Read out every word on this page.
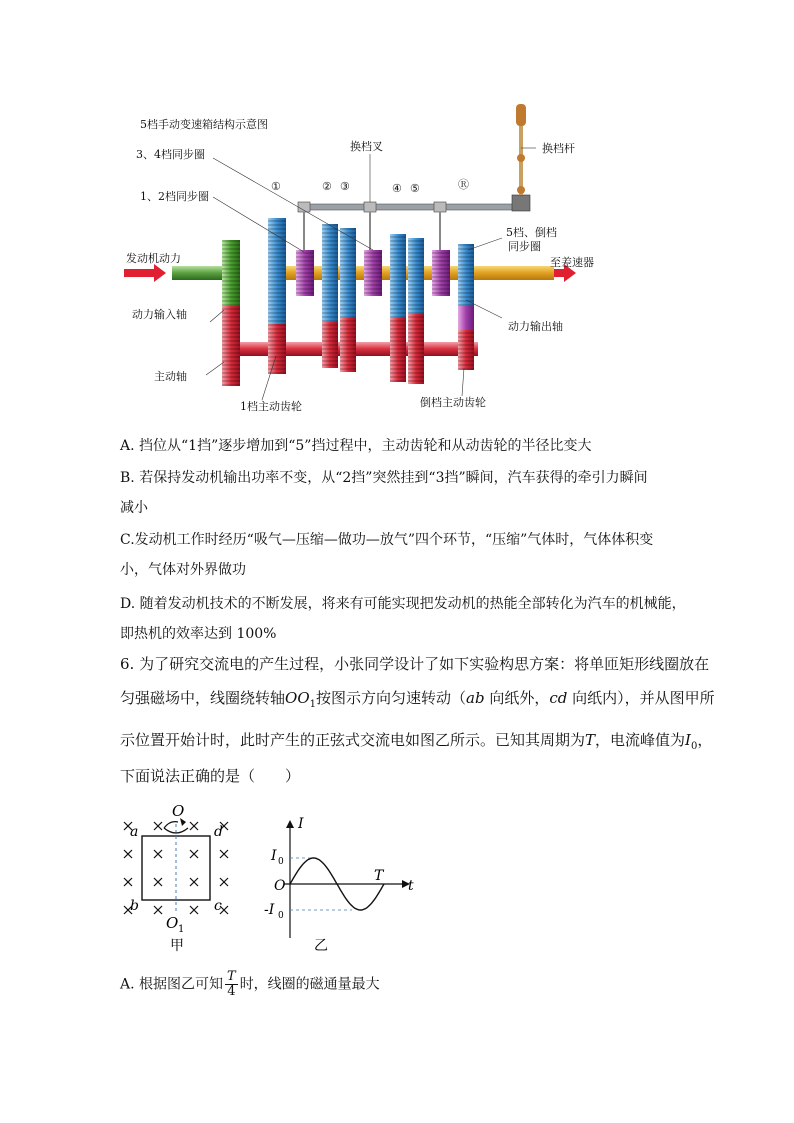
5档手动变速箱结构示意图
①	② ③	④ ⑤	Ⓡ
3、4档同步圈
1、2档同步圈
换档叉	换档杆
发动机动力
动力输入轴
主动轴
1档主动齿轮	倒档主动齿轮
动力输出轴
至差速器
5档、倒档
同步圈
A. 挡位从“1挡”逐步增加到“5”挡过程中，主动齿轮和从动齿轮的半径比变大
B. 若保持发动机输出功率不变，从“2挡”突然挂到“3挡”瞬间，汽车获得的牵引力瞬间
减小
C.发动机工作时经历“吸气—压缩—做功—放气”四个环节，“压缩”气体时，气体体积变
小，气体对外界做功
D. 随着发动机技术的不断发展，将来有可能实现把发动机的热能全部转化为汽车的机械能，
即热机的效率达到 100%
6. 为了研究交流电的产生过程，小张同学设计了如下实验构思方案：将单匝矩形线圈放在
匀强磁场中，线圈绕转轴$OO_1$按图示方向匀速转动（ab 向纸外，cd 向纸内），并从图甲所
示位置开始计时，此时产生的正弦式交流电如图乙所示。已知其周期为T，电流峰值为$I_0$，
下面说法正确的是（　　）
O
a	d
b	c
O 1
甲
I
t
T
O
I 0
-I 0
乙
A. 根据图乙可知 $\frac{T}{4}$ 时，线圈的磁通量最大
